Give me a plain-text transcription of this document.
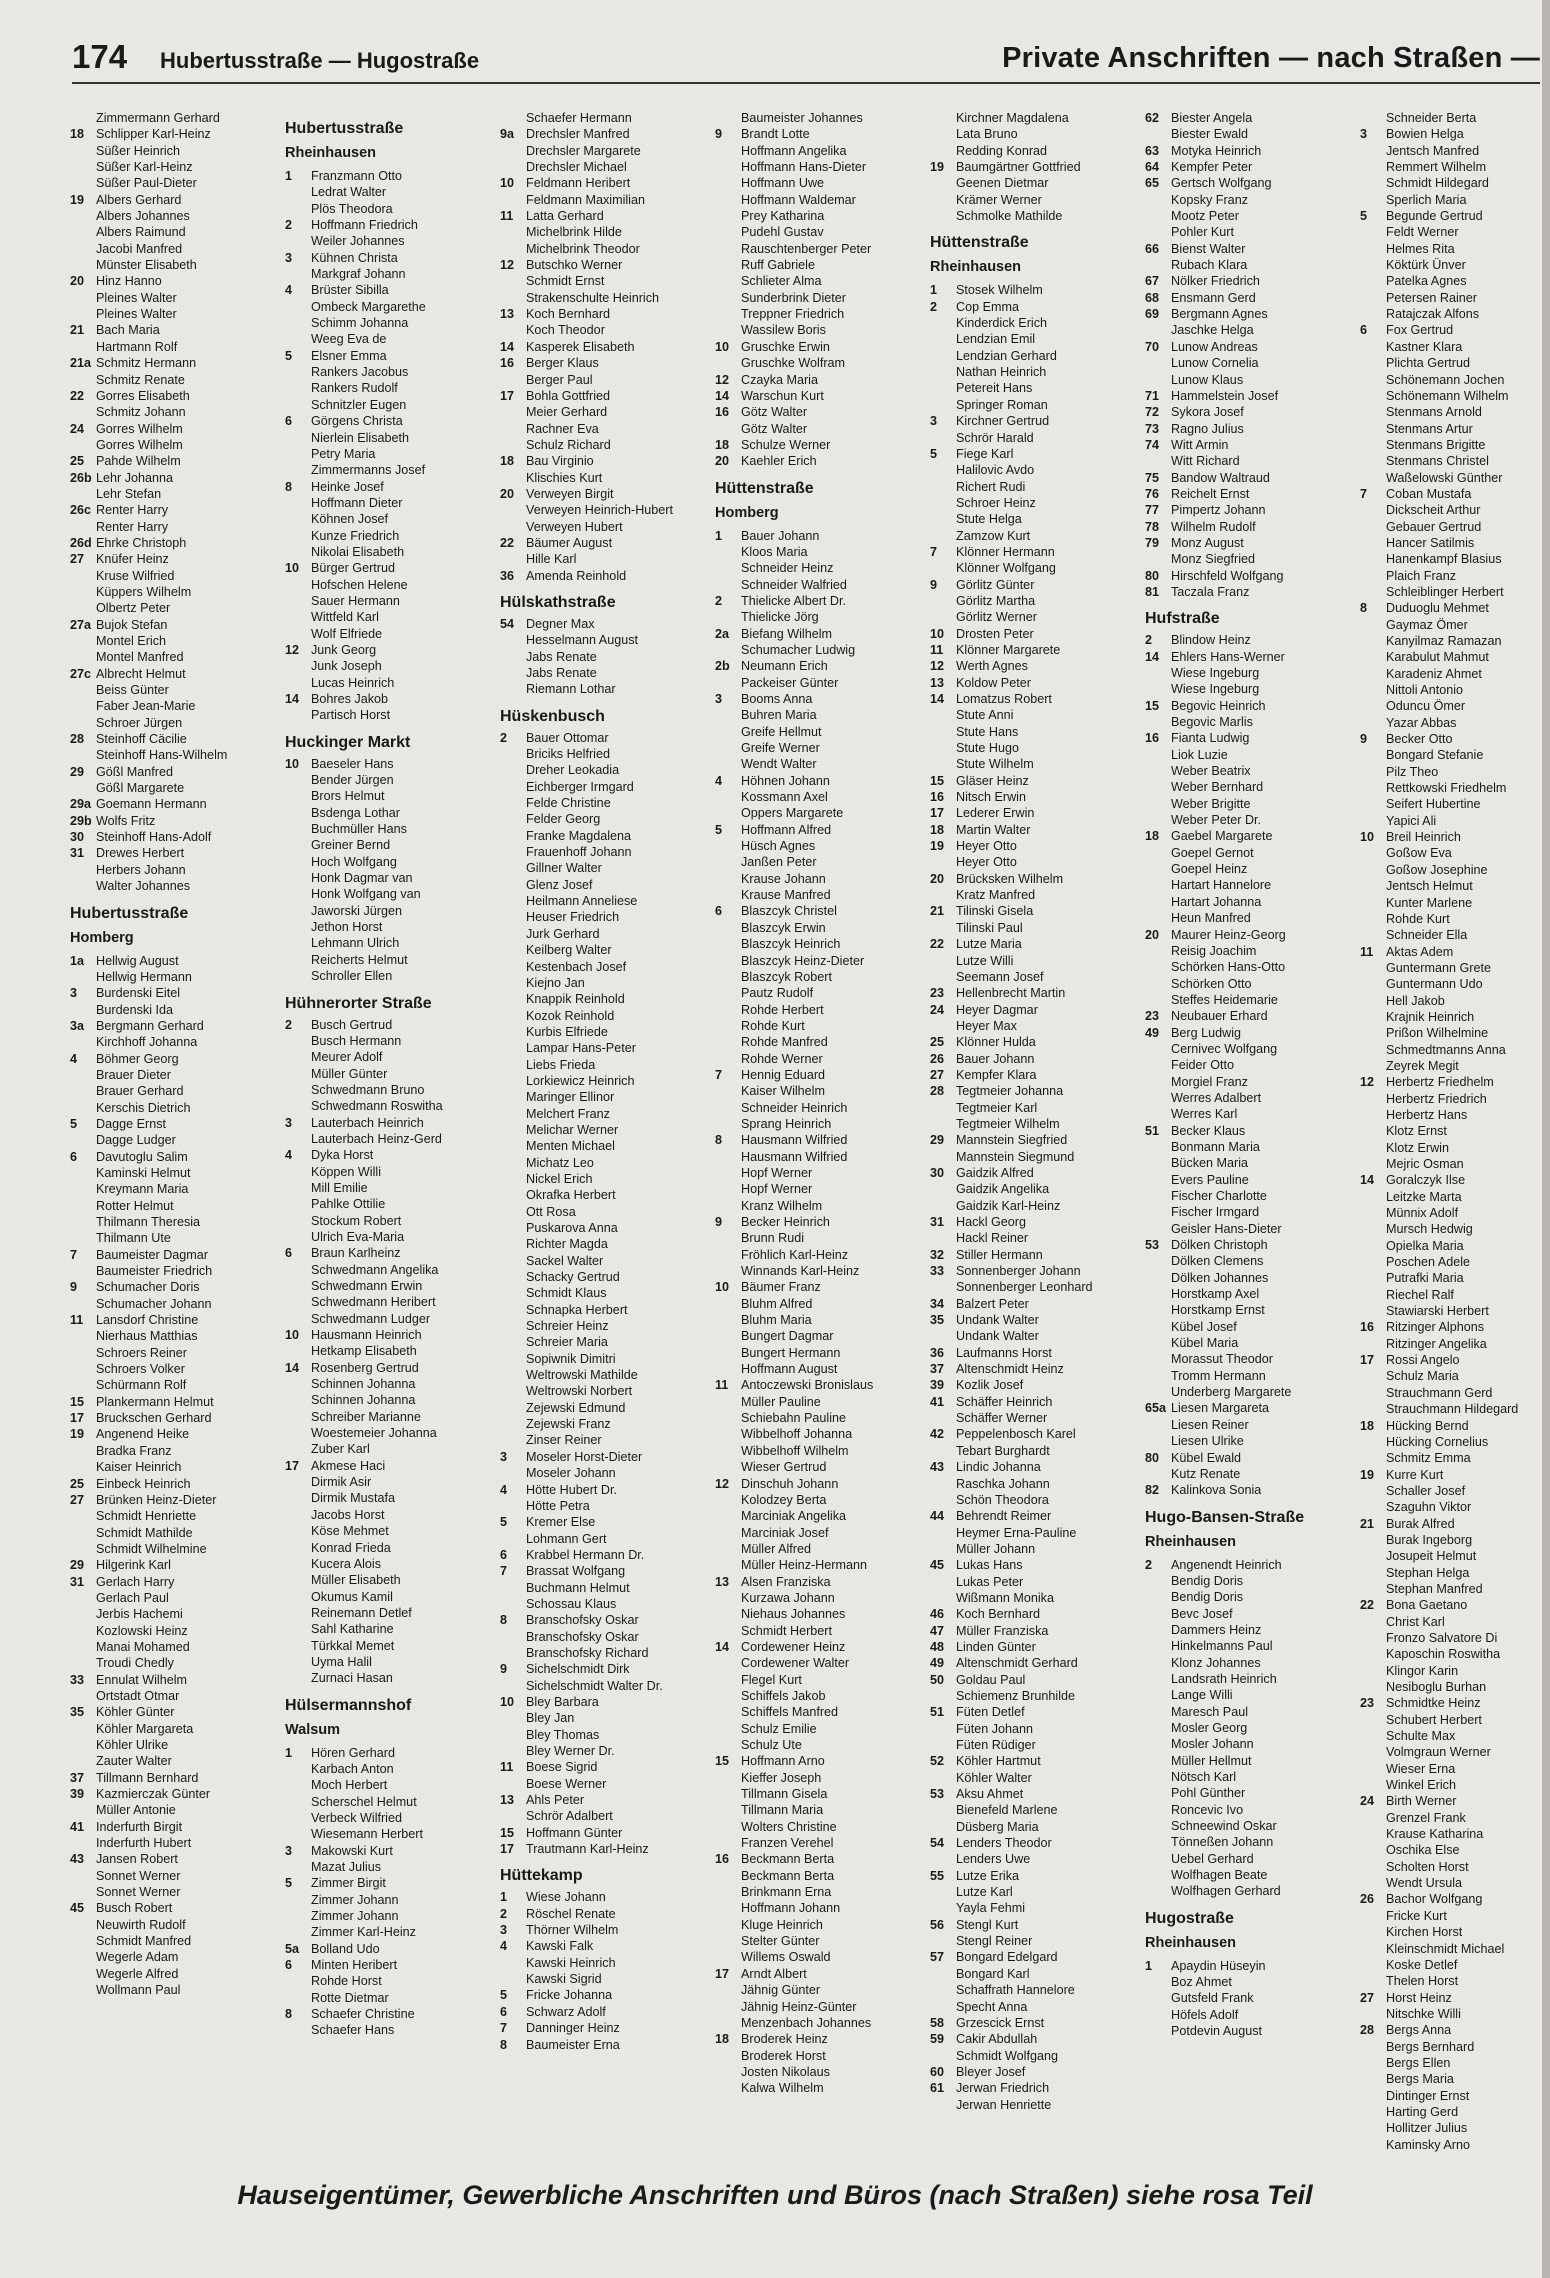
174 Hubertusstraße — Hugostraße	Private Anschriften — nach Straßen —
Zimmermann Gerhard
18 Schlipper Karl-Heinz
Süßer Heinrich
Süßer Karl-Heinz
Süßer Paul-Dieter
19 Albers Gerhard
Albers Johannes
Albers Raimund
Jacobi Manfred
Münster Elisabeth
20 Hinz Hanno
Pleines Walter
Pleines Walter
21 Bach Maria
Hartmann Rolf
21a Schmitz Hermann
Schmitz Renate
22 Gorres Elisabeth
Schmitz Johann
24 Gorres Wilhelm
Gorres Wilhelm
25 Pahde Wilhelm
26b Lehr Johanna
Lehr Stefan
26c Renter Harry
Renter Harry
26d Ehrke Christoph
27 Knüfer Heinz
Kruse Wilfried
Küppers Wilhelm
Olbertz Peter
27a Bujok Stefan
Montel Erich
Montel Manfred
27c Albrecht Helmut
Beiss Günter
Faber Jean-Marie
Schroer Jürgen
28 Steinhoff Cäcilie
Steinhoff Hans-Wilhelm
29 Gößl Manfred
Gößl Margarete
29a Goemann Hermann
29b Wolfs Fritz
30 Steinhoff Hans-Adolf
31 Drewes Herbert
Herbers Johann
Walter Johannes
Hubertusstraße
Homberg
1a Hellwig August
Hellwig Hermann
3 Burdenski Eitel
Burdenski Ida
3a Bergmann Gerhard
Kirchhoff Johanna
4 Böhmer Georg
Brauer Dieter
Brauer Gerhard
Kerschis Dietrich
5 Dagge Ernst
Dagge Ludger
6 Davutoglu Salim
Kaminski Helmut
Kreymann Maria
Rotter Helmut
Thilmann Theresia
Thilmann Ute
7 Baumeister Dagmar
Baumeister Friedrich
9 Schumacher Doris
Schumacher Johann
11 Lansdorf Christine
Nierhaus Matthias
Schroers Reiner
Schroers Volker
Schürmann Rolf
15 Plankermann Helmut
17 Bruckschen Gerhard
19 Angenend Heike
Bradka Franz
Kaiser Heinrich
25 Einbeck Heinrich
27 Brünken Heinz-Dieter
Schmidt Henriette
Schmidt Mathilde
Schmidt Wilhelmine
29 Hilgerink Karl
31 Gerlach Harry
Gerlach Paul
Jerbis Hachemi
Kozlowski Heinz
Manai Mohamed
Troudi Chedly
33 Ennulat Wilhelm
Ortstadt Otmar
35 Köhler Günter
Köhler Margareta
Köhler Ulrike
Zauter Walter
37 Tillmann Bernhard
39 Kazmierczak Günter
Müller Antonie
41 Inderfurth Birgit
Inderfurth Hubert
43 Jansen Robert
Sonnet Werner
Sonnet Werner
45 Busch Robert
Neuwirth Rudolf
Schmidt Manfred
Wegerle Adam
Wegerle Alfred
Wollmann Paul
Hubertusstraße
Rheinhausen
1 Franzmann Otto
Ledrat Walter
Plös Theodora
2 Hoffmann Friedrich
Weiler Johannes
3 Kühnen Christa
Markgraf Johann
4 Brüster Sibilla
Ombeck Margarethe
Schimm Johanna
Weeg Eva de
5 Elsner Emma
Rankers Jacobus
Rankers Rudolf
Schnitzler Eugen
6 Görgens Christa
Nierlein Elisabeth
Petry Maria
Zimmermanns Josef
8 Heinke Josef
Hoffmann Dieter
Köhnen Josef
Kunze Friedrich
Nikolai Elisabeth
10 Bürger Gertrud
Hofschen Helene
Sauer Hermann
Wittfeld Karl
Wolf Elfriede
12 Junk Georg
Junk Joseph
Lucas Heinrich
14 Bohres Jakob
Partisch Horst
Huckinger Markt
10 Baeseler Hans
Bender Jürgen
Brors Helmut
Bsdenga Lothar
Buchmüller Hans
Greiner Bernd
Hoch Wolfgang
Honk Dagmar van
Honk Wolfgang van
Jaworski Jürgen
Jethon Horst
Lehmann Ulrich
Reicherts Helmut
Schroller Ellen
Hühnerorter Straße
2 Busch Gertrud
Busch Hermann
Meurer Adolf
Müller Günter
Schwedmann Bruno
Schwedmann Roswitha
3 Lauterbach Heinrich
Lauterbach Heinz-Gerd
4 Dyka Horst
Köppen Willi
Mill Emilie
Pahlke Ottilie
Stockum Robert
Ulrich Eva-Maria
6 Braun Karlheinz
Schwedmann Angelika
Schwedmann Erwin
Schwedmann Heribert
Schwedmann Ludger
10 Hausmann Heinrich
Hetkamp Elisabeth
14 Rosenberg Gertrud
Schinnen Johanna
Schinnen Johanna
Schreiber Marianne
Woestemeier Johanna
Zuber Karl
17 Akmese Haci
Dirmik Asir
Dirmik Mustafa
Jacobs Horst
Köse Mehmet
Konrad Frieda
Kucera Alois
Müller Elisabeth
Okumus Kamil
Reinemann Detlef
Sahl Katharine
Türkkal Memet
Uyma Halil
Zurnaci Hasan
Hülsermannshof
Walsum
1 Hören Gerhard
Karbach Anton
Moch Herbert
Scherschel Helmut
Verbeck Wilfried
Wiesemann Herbert
3 Makowski Kurt
Mazat Julius
5 Zimmer Birgit
Zimmer Johann
Zimmer Johann
Zimmer Karl-Heinz
5a Bolland Udo
6 Minten Heribert
Rohde Horst
Rotte Dietmar
8 Schaefer Christine
Schaefer Hans
Schaefer Hermann
9a Drechsler Manfred
Drechsler Margarete
Drechsler Michael
10 Feldmann Heribert
Feldmann Maximilian
11 Latta Gerhard
Michelbrink Hilde
Michelbrink Theodor
12 Butschko Werner
Schmidt Ernst
Strakenschulte Heinrich
13 Koch Bernhard
Koch Theodor
14 Kasperek Elisabeth
16 Berger Klaus
Berger Paul
17 Bohla Gottfried
Meier Gerhard
Rachner Eva
Schulz Richard
18 Bau Virginio
Klischies Kurt
20 Verweyen Birgit
Verweyen Heinrich-Hubert
Verweyen Hubert
22 Bäumer August
Hille Karl
36 Amenda Reinhold
Hülskathstraße
54 Degner Max
Hesselmann August
Jabs Renate
Jabs Renate
Riemann Lothar
Hüskenbusch
2 Bauer Ottomar
Briciks Helfried
Dreher Leokadia
Eichberger Irmgard
Felde Christine
Felder Georg
Franke Magdalena
Frauenhoff Johann
Gillner Walter
Glenz Josef
Heilmann Anneliese
Heuser Friedrich
Jurk Gerhard
Keilberg Walter
Kestenbach Josef
Kiejno Jan
Knappik Reinhold
Kozok Reinhold
Kurbis Elfriede
Lampar Hans-Peter
Liebs Frieda
Lorkiewicz Heinrich
Maringer Ellinor
Melchert Franz
Melichar Werner
Menten Michael
Michatz Leo
Nickel Erich
Okrafka Herbert
Ott Rosa
Puskarova Anna
Richter Magda
Sackel Walter
Schacky Gertrud
Schmidt Klaus
Schnapka Herbert
Schreier Heinz
Schreier Maria
Sopiwnik Dimitri
Weltrowski Mathilde
Weltrowski Norbert
Zejewski Edmund
Zejewski Franz
Zinser Reiner
3 Moseler Horst-Dieter
Moseler Johann
4 Hötte Hubert Dr.
Hötte Petra
5 Kremer Else
Lohmann Gert
6 Krabbel Hermann Dr.
7 Brassat Wolfgang
Buchmann Helmut
Schossau Klaus
8 Branschofsky Oskar
Branschofsky Oskar
Branschofsky Richard
9 Sichelschmidt Dirk
Sichelschmidt Walter Dr.
10 Bley Barbara
Bley Jan
Bley Thomas
Bley Werner Dr.
11 Boese Sigrid
Boese Werner
13 Ahls Peter
Schrör Adalbert
15 Hoffmann Günter
17 Trautmann Karl-Heinz
Hüttekamp
1 Wiese Johann
2 Röschel Renate
3 Thörner Wilhelm
4 Kawski Falk
Kawski Heinrich
Kawski Sigrid
5 Fricke Johanna
6 Schwarz Adolf
7 Danninger Heinz
8 Baumeister Erna
Baumeister Johannes
9 Brandt Lotte
Hoffmann Angelika
Hoffmann Hans-Dieter
Hoffmann Uwe
Hoffmann Waldemar
Prey Katharina
Pudehl Gustav
Rauschtenberger Peter
Ruff Gabriele
Schlieter Alma
Sunderbrink Dieter
Treppner Friedrich
Wassilew Boris
10 Gruschke Erwin
Gruschke Wolfram
12 Czayka Maria
14 Warschun Kurt
16 Götz Walter
Götz Walter
18 Schulze Werner
20 Kaehler Erich
Hüttenstraße
Homberg
1 Bauer Johann
Kloos Maria
Schneider Heinz
Schneider Walfried
2 Thielicke Albert Dr.
Thielicke Jörg
2a Biefang Wilhelm
Schumacher Ludwig
2b Neumann Erich
Packeiser Günter
3 Booms Anna
Buhren Maria
Greife Hellmut
Greife Werner
Wendt Walter
4 Höhnen Johann
Kossmann Axel
Oppers Margarete
5 Hoffmann Alfred
Hüsch Agnes
Janßen Peter
Krause Johann
Krause Manfred
6 Blaszcyk Christel
Blaszcyk Erwin
Blaszcyk Heinrich
Blaszcyk Heinz-Dieter
Blaszcyk Robert
Pautz Rudolf
Rohde Herbert
Rohde Kurt
Rohde Manfred
Rohde Werner
7 Hennig Eduard
Kaiser Wilhelm
Schneider Heinrich
Sprang Heinrich
8 Hausmann Wilfried
Hausmann Wilfried
Hopf Werner
Hopf Werner
Kranz Wilhelm
9 Becker Heinrich
Brunn Rudi
Fröhlich Karl-Heinz
Winnands Karl-Heinz
10 Bäumer Franz
Bluhm Alfred
Bluhm Maria
Bungert Dagmar
Bungert Hermann
Hoffmann August
11 Antoczewski Bronislaus
Müller Pauline
Schiebahn Pauline
Wibbelhoff Johanna
Wibbelhoff Wilhelm
Wieser Gertrud
12 Dinschuh Johann
Kolodzey Berta
Marciniak Angelika
Marciniak Josef
Müller Alfred
Müller Heinz-Hermann
13 Alsen Franziska
Kurzawa Johann
Niehaus Johannes
Schmidt Herbert
14 Cordewener Heinz
Cordewener Walter
Flegel Kurt
Schiffels Jakob
Schiffels Manfred
Schulz Emilie
Schulz Ute
15 Hoffmann Arno
Kieffer Joseph
Tillmann Gisela
Tillmann Maria
Wolters Christine
Franzen Verehel
16 Beckmann Berta
Beckmann Berta
Brinkmann Erna
Hoffmann Johann
Kluge Heinrich
Stelter Günter
Willems Oswald
17 Arndt Albert
Jähnig Günter
Jähnig Heinz-Günter
Menzenbach Johannes
18 Broderek Heinz
Broderek Horst
Josten Nikolaus
Kalwa Wilhelm
Kirchner Magdalena
Lata Bruno
Redding Konrad
19 Baumgärtner Gottfried
Geenen Dietmar
Krämer Werner
Schmolke Mathilde
Hüttenstraße
Rheinhausen
1 Stosek Wilhelm
2 Cop Emma
Kinderdick Erich
Lendzian Emil
Lendzian Gerhard
Nathan Heinrich
Petereit Hans
Springer Roman
3 Kirchner Gertrud
Schrör Harald
5 Fiege Karl
Halilovic Avdo
Richert Rudi
Schroer Heinz
Stute Helga
Zamzow Kurt
7 Klönner Hermann
Klönner Wolfgang
9 Görlitz Günter
Görlitz Martha
Görlitz Werner
10 Drosten Peter
11 Klönner Margarete
12 Werth Agnes
13 Koldow Peter
14 Lomatzus Robert
Stute Anni
Stute Hans
Stute Hugo
Stute Wilhelm
15 Gläser Heinz
16 Nitsch Erwin
17 Lederer Erwin
18 Martin Walter
19 Heyer Otto
Heyer Otto
20 Brücksken Wilhelm
Kratz Manfred
21 Tilinski Gisela
Tilinski Paul
22 Lutze Maria
Lutze Willi
Seemann Josef
23 Hellenbrecht Martin
24 Heyer Dagmar
Heyer Max
25 Klönner Hulda
26 Bauer Johann
27 Kempfer Klara
28 Tegtmeier Johanna
Tegtmeier Karl
Tegtmeier Wilhelm
29 Mannstein Siegfried
Mannstein Siegmund
30 Gaidzik Alfred
Gaidzik Angelika
Gaidzik Karl-Heinz
31 Hackl Georg
Hackl Reiner
32 Stiller Hermann
33 Sonnenberger Johann
Sonnenberger Leonhard
34 Balzert Peter
35 Undank Walter
Undank Walter
36 Laufmanns Horst
37 Altenschmidt Heinz
39 Kozlik Josef
41 Schäffer Heinrich
Schäffer Werner
42 Peppelenbosch Karel
Tebart Burghardt
43 Lindic Johanna
Raschka Johann
Schön Theodora
44 Behrendt Reimer
Heymer Erna-Pauline
Müller Johann
45 Lukas Hans
Lukas Peter
Wißmann Monika
46 Koch Bernhard
47 Müller Franziska
48 Linden Günter
49 Altenschmidt Gerhard
50 Goldau Paul
Schiemenz Brunhilde
51 Füten Detlef
Füten Johann
Füten Rüdiger
52 Köhler Hartmut
Köhler Walter
53 Aksu Ahmet
Bienefeld Marlene
Düsberg Maria
54 Lenders Theodor
Lenders Uwe
55 Lutze Erika
Lutze Karl
Yayla Fehmi
56 Stengl Kurt
Stengl Reiner
57 Bongard Edelgard
Bongard Karl
Schaffrath Hannelore
Specht Anna
58 Grzescick Ernst
59 Cakir Abdullah
Schmidt Wolfgang
60 Bleyer Josef
61 Jerwan Friedrich
Jerwan Henriette
62 Biester Angela
Biester Ewald
63 Motyka Heinrich
64 Kempfer Peter
65 Gertsch Wolfgang
Kopsky Franz
Mootz Peter
Pohler Kurt
66 Bienst Walter
Rubach Klara
67 Nölker Friedrich
68 Ensmann Gerd
69 Bergmann Agnes
Jaschke Helga
70 Lunow Andreas
Lunow Cornelia
Lunow Klaus
71 Hammelstein Josef
72 Sykora Josef
73 Ragno Julius
74 Witt Armin
Witt Richard
75 Bandow Waltraud
76 Reichelt Ernst
77 Pimpertz Johann
78 Wilhelm Rudolf
79 Monz August
Monz Siegfried
80 Hirschfeld Wolfgang
81 Taczala Franz
Hufstraße
2 Blindow Heinz
14 Ehlers Hans-Werner
Wiese Ingeburg
Wiese Ingeburg
15 Begovic Heinrich
Begovic Marlis
16 Fianta Ludwig
Liok Luzie
Weber Beatrix
Weber Bernhard
Weber Brigitte
Weber Peter Dr.
18 Gaebel Margarete
Goepel Gernot
Goepel Heinz
Hartart Hannelore
Hartart Johanna
Heun Manfred
20 Maurer Heinz-Georg
Reisig Joachim
Schörken Hans-Otto
Schörken Otto
Steffes Heidemarie
23 Neubauer Erhard
49 Berg Ludwig
Cernivec Wolfgang
Feider Otto
Morgiel Franz
Werres Adalbert
Werres Karl
51 Becker Klaus
Bonmann Maria
Bücken Maria
Evers Pauline
Fischer Charlotte
Fischer Irmgard
Geisler Hans-Dieter
53 Dölken Christoph
Dölken Clemens
Dölken Johannes
Horstkamp Axel
Horstkamp Ernst
Kübel Josef
Kübel Maria
Morassut Theodor
Tromm Hermann
Underberg Margarete
65a Liesen Margareta
Liesen Reiner
Liesen Ulrike
80 Kübel Ewald
Kutz Renate
82 Kalinkova Sonia
Hugo-Bansen-Straße
Rheinhausen
2 Angenendt Heinrich
Bendig Doris
Bendig Doris
Bevc Josef
Dammers Heinz
Hinkelmanns Paul
Klonz Johannes
Landsrath Heinrich
Lange Willi
Maresch Paul
Mosler Georg
Mosler Johann
Müller Hellmut
Nötsch Karl
Pohl Günther
Roncevic Ivo
Schneewind Oskar
Tönneßen Johann
Uebel Gerhard
Wolfhagen Beate
Wolfhagen Gerhard
Hugostraße
Rheinhausen
1 Apaydin Hüseyin
Boz Ahmet
Gutsfeld Frank
Höfels Adolf
Potdevin August
Schneider Berta
3 Bowien Helga
Jentsch Manfred
Remmert Wilhelm
Schmidt Hildegard
Sperlich Maria
5 Begunde Gertrud
Feldt Werner
Helmes Rita
Köktürk Ünver
Patelka Agnes
Petersen Rainer
Ratajczak Alfons
6 Fox Gertrud
Kastner Klara
Plichta Gertrud
Schönemann Jochen
Schönemann Wilhelm
Stenmans Arnold
Stenmans Artur
Stenmans Brigitte
Stenmans Christel
Waßelowski Günther
7 Coban Mustafa
Dickscheit Arthur
Gebauer Gertrud
Hancer Satilmis
Hanenkampf Blasius
Plaich Franz
Schleiblinger Herbert
8 Duduoglu Mehmet
Gaymaz Ömer
Kanyilmaz Ramazan
Karabulut Mahmut
Karadeniz Ahmet
Nittoli Antonio
Oduncu Ömer
Yazar Abbas
9 Becker Otto
Bongard Stefanie
Pilz Theo
Rettkowski Friedhelm
Seifert Hubertine
Yapici Ali
10 Breil Heinrich
Goßow Eva
Goßow Josephine
Jentsch Helmut
Kunter Marlene
Rohde Kurt
Schneider Ella
11 Aktas Adem
Guntermann Grete
Guntermann Udo
Hell Jakob
Krajnik Heinrich
Prißon Wilhelmine
Schmedtmanns Anna
Zeyrek Megit
12 Herbertz Friedhelm
Herbertz Friedrich
Herbertz Hans
Klotz Ernst
Klotz Erwin
Mejric Osman
14 Goralczyk Ilse
Leitzke Marta
Münnix Adolf
Mursch Hedwig
Opielka Maria
Poschen Adele
Putrafki Maria
Riechel Ralf
Stawiarski Herbert
16 Ritzinger Alphons
Ritzinger Angelika
17 Rossi Angelo
Schulz Maria
Strauchmann Gerd
Strauchmann Hildegard
18 Hücking Bernd
Hücking Cornelius
Schmitz Emma
19 Kurre Kurt
Schaller Josef
Szaguhn Viktor
21 Burak Alfred
Burak Ingeborg
Josupeit Helmut
Stephan Helga
Stephan Manfred
22 Bona Gaetano
Christ Karl
Fronzo Salvatore Di
Kaposchin Roswitha
Klingor Karin
Nesiboglu Burhan
23 Schmidtke Heinz
Schubert Herbert
Schulte Max
Volmgraun Werner
Wieser Erna
Winkel Erich
24 Birth Werner
Grenzel Frank
Krause Katharina
Oschika Else
Scholten Horst
Wendt Ursula
26 Bachor Wolfgang
Fricke Kurt
Kirchen Horst
Kleinschmidt Michael
Koske Detlef
Thelen Horst
27 Horst Heinz
Nitschke Willi
28 Bergs Anna
Bergs Bernhard
Bergs Ellen
Bergs Maria
Dintinger Ernst
Harting Gerd
Hollitzer Julius
Kaminsky Arno
Hauseigentümer, Gewerbliche Anschriften und Büros (nach Straßen) siehe rosa Teil
